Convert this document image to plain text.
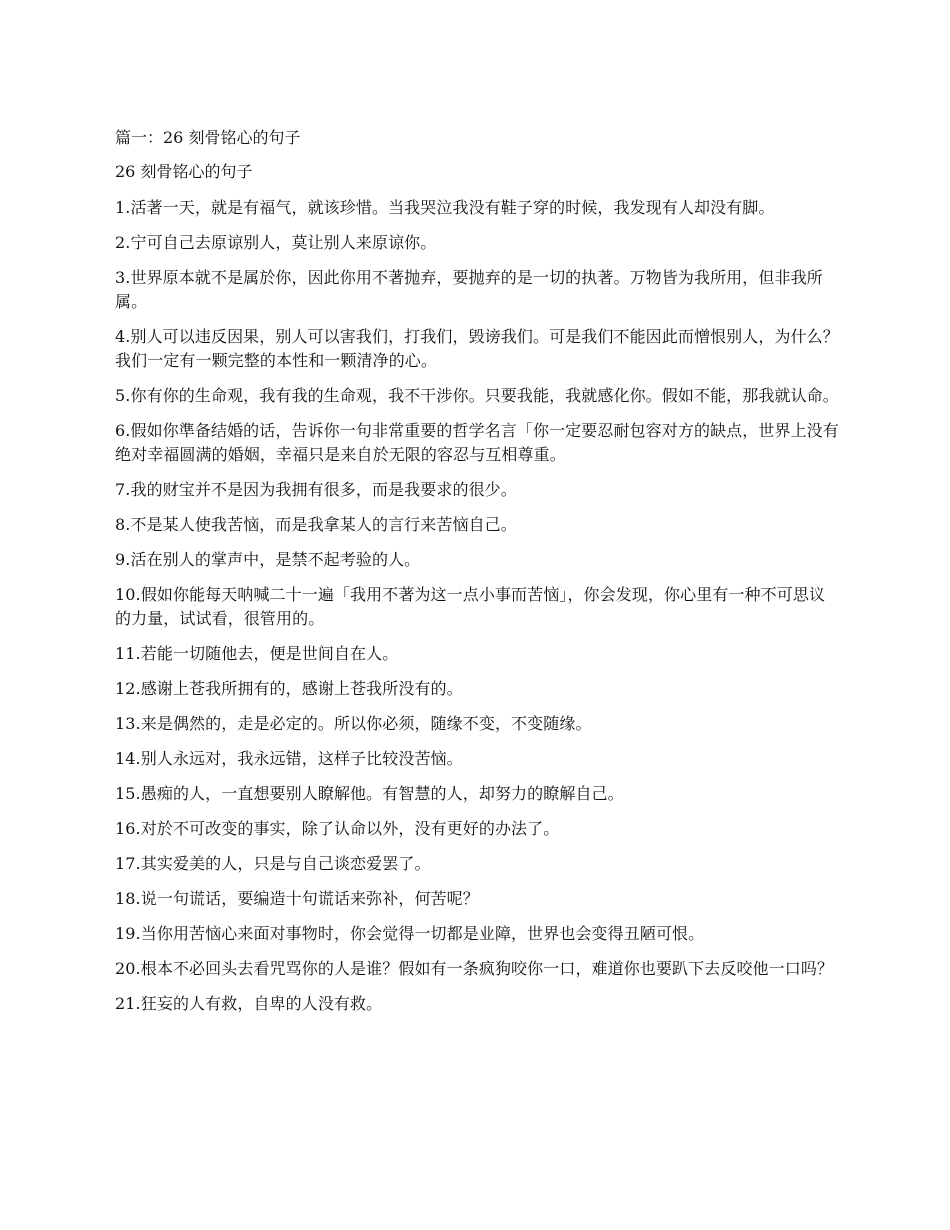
篇一：26 刻骨铭心的句子

26 刻骨铭心的句子

1.活著一天，就是有福气，就该珍惜。当我哭泣我没有鞋子穿的时候，我发现有人却没有脚。

2.宁可自己去原谅别人，莫让别人来原谅你。

3.世界原本就不是属於你，因此你用不著抛弃，要抛弃的是一切的执著。万物皆为我所用，但非我所属。

4.别人可以违反因果，别人可以害我们，打我们，毁谤我们。可是我们不能因此而憎恨别人，为什么？我们一定有一颗完整的本性和一颗清净的心。

5.你有你的生命观，我有我的生命观，我不干涉你。只要我能，我就感化你。假如不能，那我就认命。

6.假如你準备结婚的话，告诉你一句非常重要的哲学名言「你一定要忍耐包容对方的缺点，世界上没有绝对幸福圆满的婚姻，幸福只是来自於无限的容忍与互相尊重。

7.我的财宝并不是因为我拥有很多，而是我要求的很少。

8.不是某人使我苦恼，而是我拿某人的言行来苦恼自己。

9.活在别人的掌声中，是禁不起考验的人。

10.假如你能每天呐喊二十一遍「我用不著为这一点小事而苦恼」，你会发现，你心里有一种不可思议的力量，试试看，很管用的。

11.若能一切随他去，便是世间自在人。

12.感谢上苍我所拥有的，感谢上苍我所没有的。

13.来是偶然的，走是必定的。所以你必须，随缘不变，不变随缘。

14.别人永远对，我永远错，这样子比较没苦恼。

15.愚痴的人，一直想要别人瞭解他。有智慧的人，却努力的瞭解自己。

16.对於不可改变的事实，除了认命以外，没有更好的办法了。

17.其实爱美的人，只是与自己谈恋爱罢了。

18.说一句谎话，要编造十句谎话来弥补，何苦呢？

19.当你用苦恼心来面对事物时，你会觉得一切都是业障，世界也会变得丑陋可恨。

20.根本不必回头去看咒骂你的人是谁？假如有一条疯狗咬你一口，难道你也要趴下去反咬他一口吗？

21.狂妄的人有救，自卑的人没有救。
